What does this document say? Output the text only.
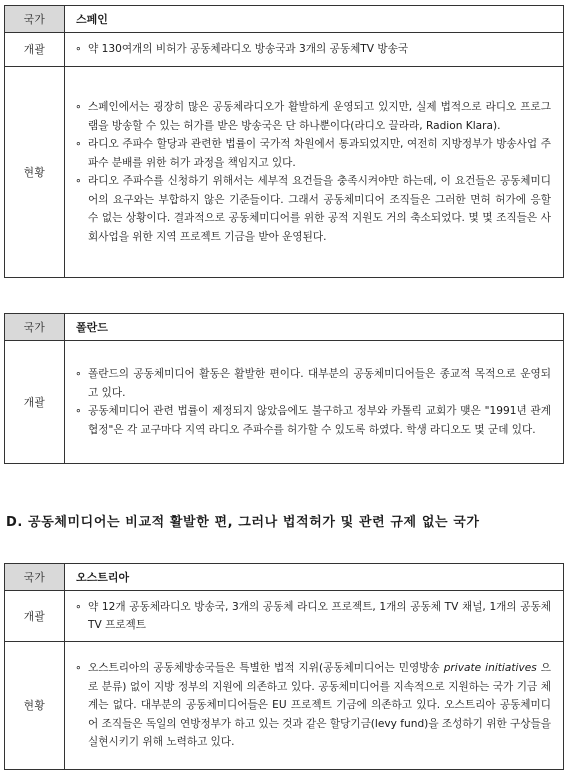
국가	스페인
개괄	∘ 약 130여개의 비허가 공동체라디오 방송국과 3개의 공동체TV 방송국

현황	∘ 스페인에서는 굉장히 많은 공동체라디오가 활발하게 운영되고 있지만, 실제 법적으로 라디오 프로그램을 방송할 수 있는 허가를 받은 방송국은 단 하나뿐이다(라디오 끌라라, Radion Klara).
∘ 라디오 주파수 할당과 관련한 법률이 국가적 차원에서 통과되었지만, 여전히 지방정부가 방송사업 주파수 분배를 위한 허가 과정을 책임지고 있다.
∘ 라디오 주파수를 신청하기 위해서는 세부적 요건들을 충족시켜야만 하는데, 이 요건들은 공동체미디어의 요구와는 부합하지 않은 기준들이다. 그래서 공동체미디어 조직들은 그러한 면허 허가에 응할 수 없는 상황이다. 결과적으로 공동체미디어를 위한 공적 지원도 거의 축소되었다. 몇 몇 조직들은 사회사업을 위한 지역 프로젝트 기금을 받아 운영된다.
국가	폴란드
개괄	∘ 폴란드의 공동체미디어 활동은 활발한 편이다. 대부분의 공동체미디어들은 종교적 목적으로 운영되고 있다.
∘ 공동체미디어 관련 법률이 제정되지 않았음에도 불구하고 정부와 카톨릭 교회가 맺은 "1991년 관계협정"은 각 교구마다 지역 라디오 주파수를 허가할 수 있도록 하였다. 학생 라디오도 몇 군데 있다.
D. 공동체미디어는 비교적 활발한 편, 그러나 법적허가 및 관련 규제 없는 국가
국가	오스트리아
개괄	∘ 약 12개 공동체라디오 방송국, 3개의 공동체 라디오 프로젝트, 1개의 공동체 TV 채널, 1개의 공동체 TV 프로젝트

현황	∘ 오스트리아의 공동체방송국들은 특별한 법적 지위(공동체미디어는 민영방송 private initiatives 으로 분류) 없이 지방 정부의 지원에 의존하고 있다. 공동체미디어를 지속적으로 지원하는 국가 기금 체계는 없다. 대부분의 공동체미디어들은 EU 프로젝트 기금에 의존하고 있다. 오스트리아 공동체미디어 조직들은 독일의 연방정부가 하고 있는 것과 같은 할당기금(levy fund)을 조성하기 위한 구상들을 실현시키기 위해 노력하고 있다.
